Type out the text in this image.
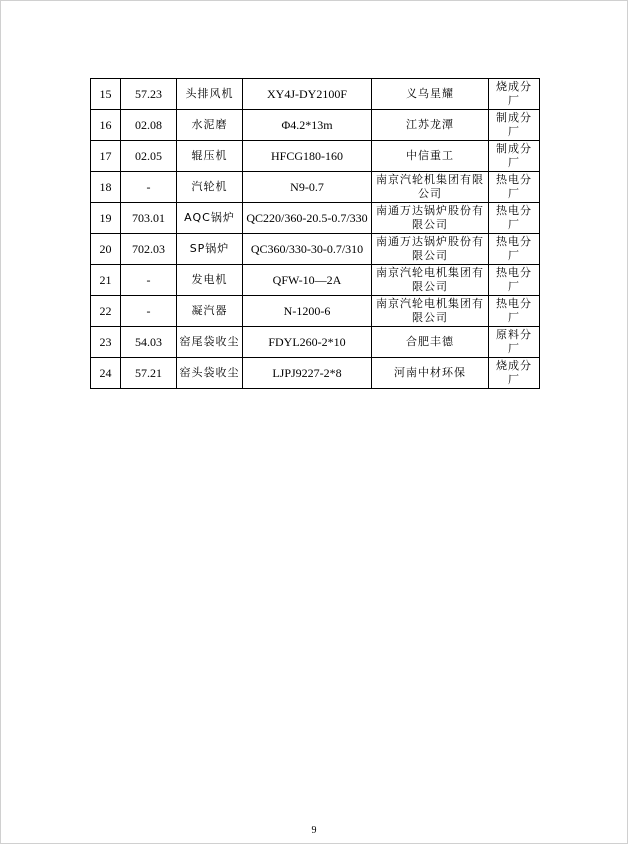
15	57.23	头排风机	XY4J-DY2100F	义乌星耀	烧成分厂
16	02.08	水泥磨	Φ4.2*13m	江苏龙潭	制成分厂
17	02.05	辊压机	HFCG180-160	中信重工	制成分厂
18	-	汽轮机	N9-0.7	南京汽轮机集团有限公司	热电分厂
19	703.01	AQC锅炉	QC220/360-20.5-0.7/330	南通万达锅炉股份有限公司	热电分厂
20	702.03	SP锅炉	QC360/330-30-0.7/310	南通万达锅炉股份有限公司	热电分厂
21	-	发电机	QFW-10—2A	南京汽轮电机集团有限公司	热电分厂
22	-	凝汽器	N-1200-6	南京汽轮电机集团有限公司	热电分厂
23	54.03	窑尾袋收尘	FDYL260-2*10	合肥丰德	原料分厂
24	57.21	窑头袋收尘	LJPJ9227-2*8	河南中材环保	烧成分厂
9
